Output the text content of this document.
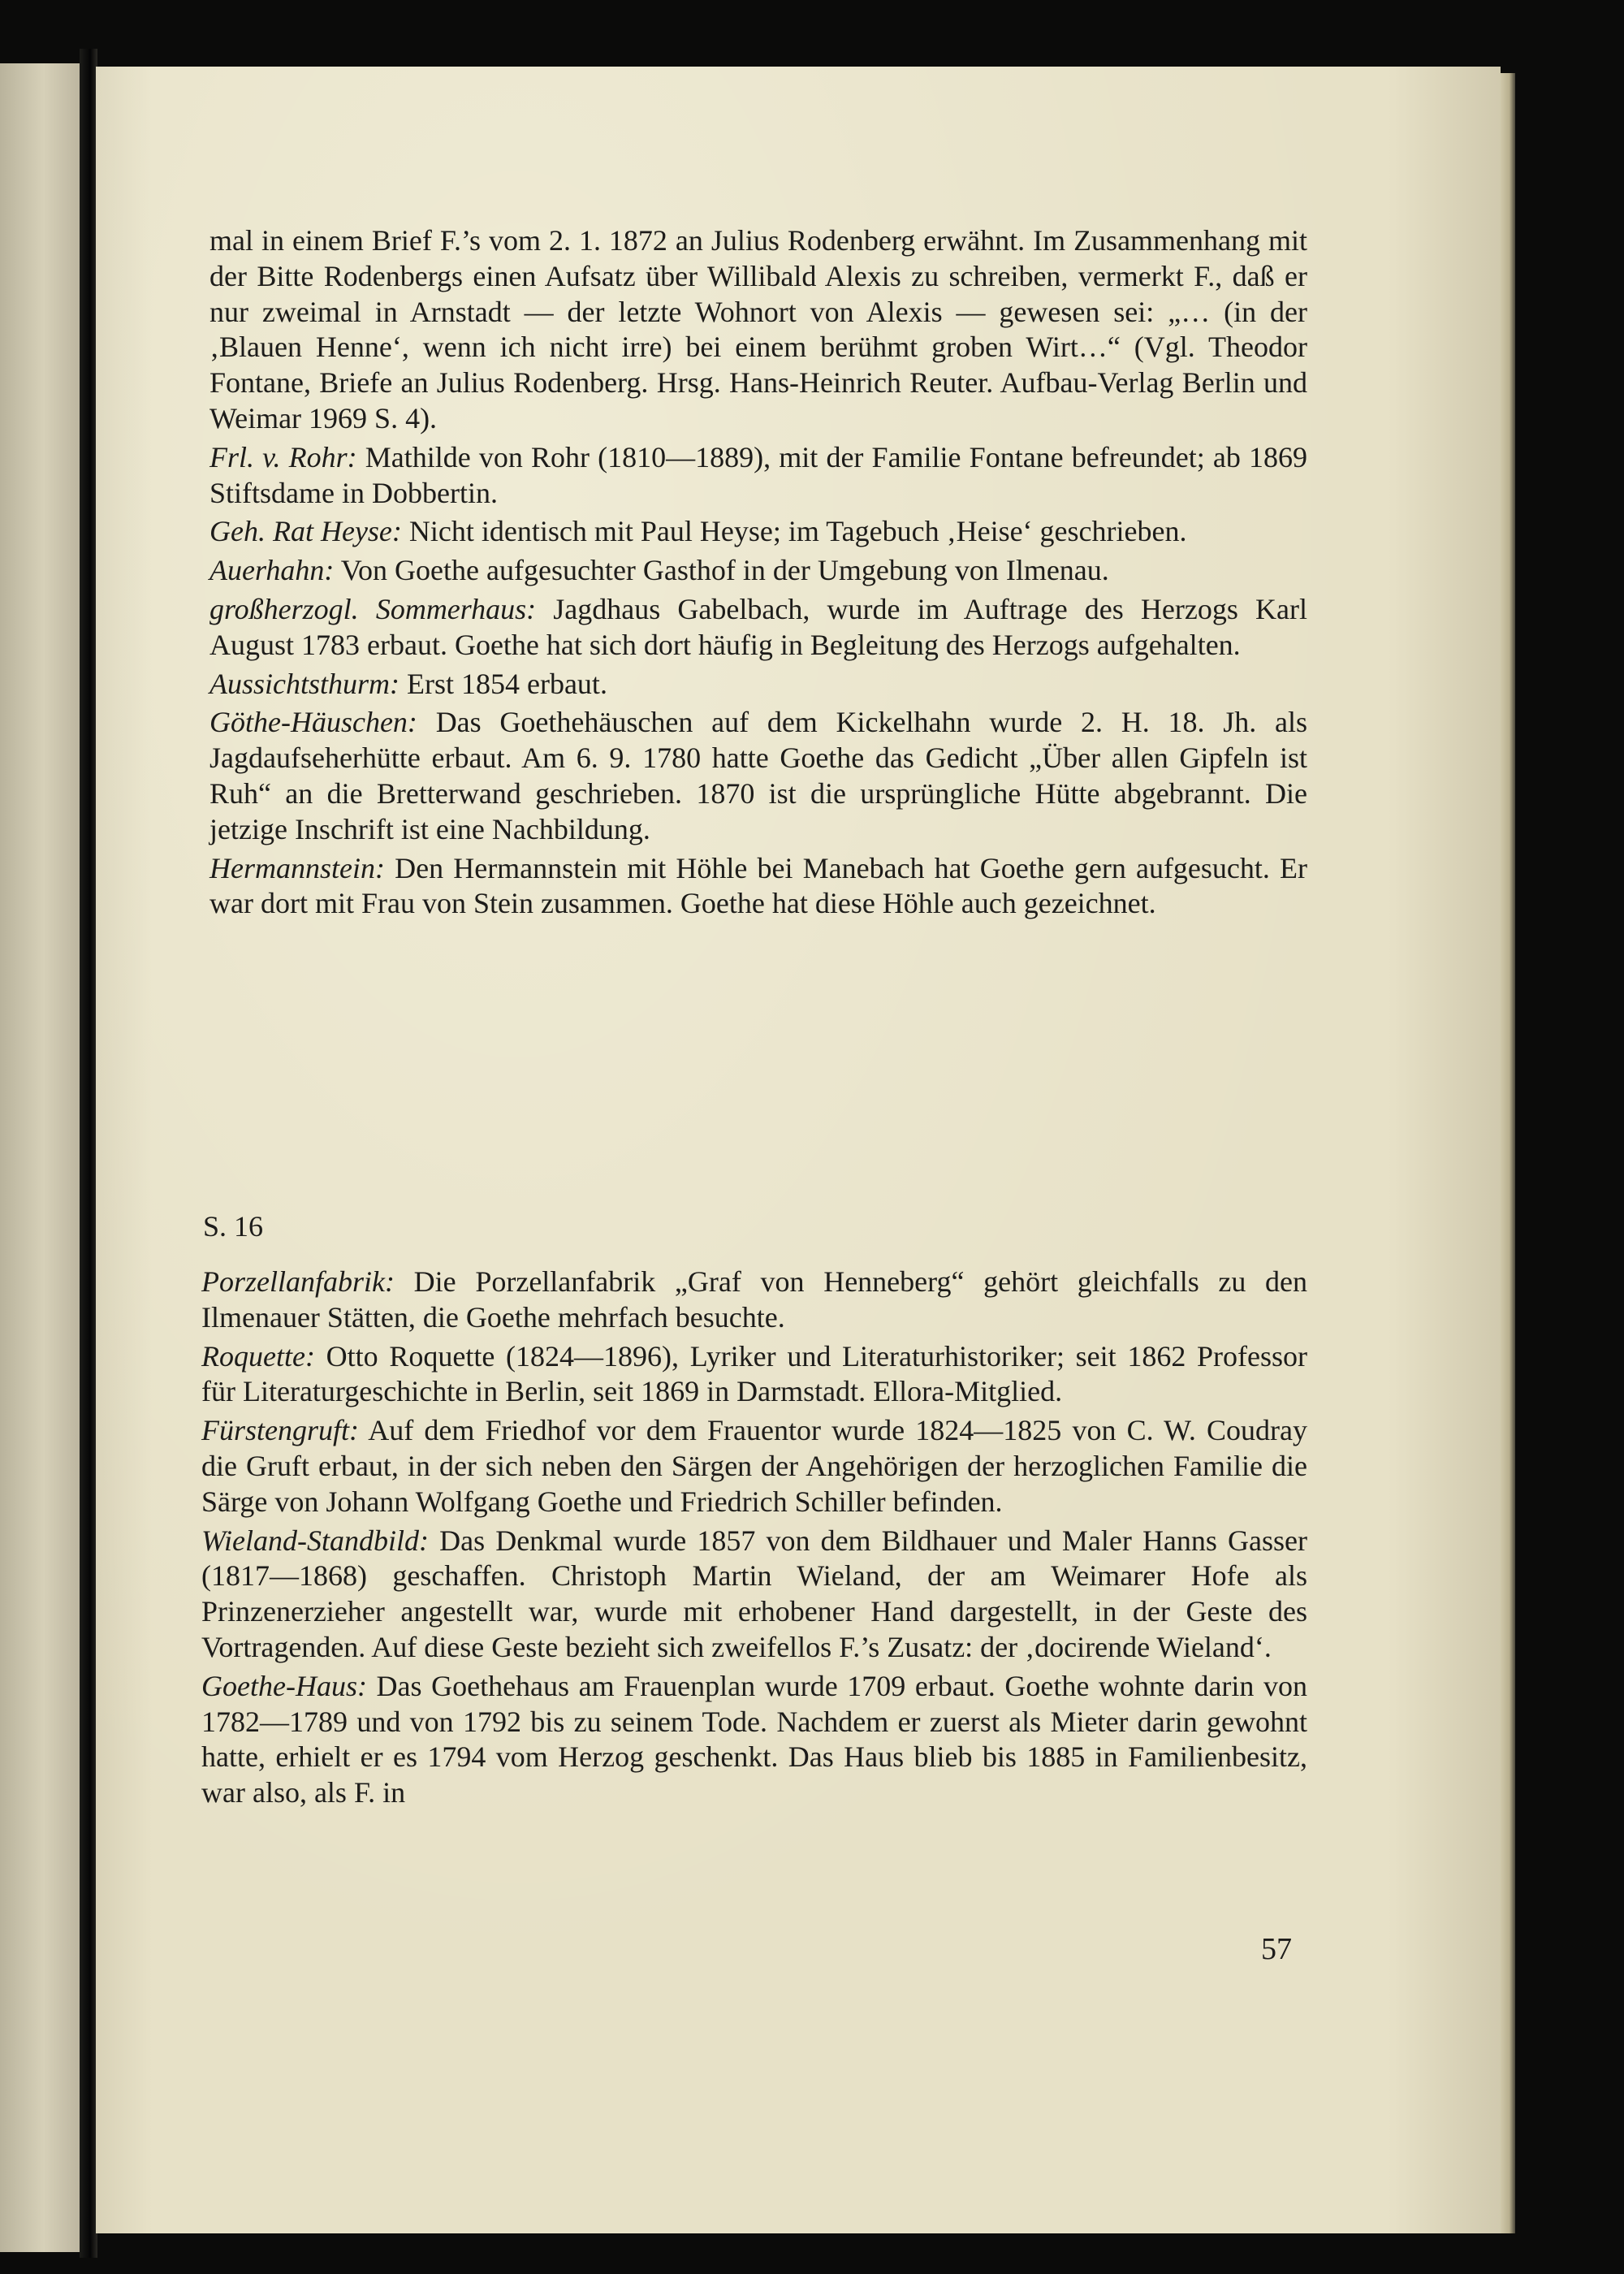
mal in einem Brief F.’s vom 2. 1. 1872 an Julius Rodenberg erwähnt. Im Zusammenhang mit der Bitte Rodenbergs einen Aufsatz über Willibald Alexis zu schreiben, vermerkt F., daß er nur zweimal in Arnstadt — der letzte Wohnort von Alexis — gewesen sei: „… (in der ‚Blauen Henne‘, wenn ich nicht irre) bei einem berühmt groben Wirt…“ (Vgl. Theodor Fontane, Briefe an Julius Rodenberg. Hrsg. Hans-Heinrich Reuter. Aufbau-Verlag Berlin und Weimar 1969 S. 4).

Frl. v. Rohr: Mathilde von Rohr (1810—1889), mit der Familie Fontane befreundet; ab 1869 Stiftsdame in Dobbertin.

Geh. Rat Heyse: Nicht identisch mit Paul Heyse; im Tagebuch ‚Heise‘ geschrieben.

Auerhahn: Von Goethe aufgesuchter Gasthof in der Umgebung von Ilmenau.

großherzogl. Sommerhaus: Jagdhaus Gabelbach, wurde im Auftrage des Herzogs Karl August 1783 erbaut. Goethe hat sich dort häufig in Begleitung des Herzogs aufgehalten.

Aussichtsthurm: Erst 1854 erbaut.

Göthe-Häuschen: Das Goethehäuschen auf dem Kickelhahn wurde 2. H. 18. Jh. als Jagdaufseherhütte erbaut. Am 6. 9. 1780 hatte Goethe das Gedicht „Über allen Gipfeln ist Ruh“ an die Bretterwand geschrieben. 1870 ist die ursprüngliche Hütte abgebrannt. Die jetzige Inschrift ist eine Nachbildung.

Hermannstein: Den Hermannstein mit Höhle bei Manebach hat Goethe gern aufgesucht. Er war dort mit Frau von Stein zusammen. Goethe hat diese Höhle auch gezeichnet.

S. 16

Porzellanfabrik: Die Porzellanfabrik „Graf von Henneberg“ gehört gleichfalls zu den Ilmenauer Stätten, die Goethe mehrfach besuchte.

Roquette: Otto Roquette (1824—1896), Lyriker und Literaturhistoriker; seit 1862 Professor für Literaturgeschichte in Berlin, seit 1869 in Darmstadt. Ellora-Mitglied.

Fürstengruft: Auf dem Friedhof vor dem Frauentor wurde 1824—1825 von C. W. Coudray die Gruft erbaut, in der sich neben den Särgen der Angehörigen der herzoglichen Familie die Särge von Johann Wolfgang Goethe und Friedrich Schiller befinden.

Wieland-Standbild: Das Denkmal wurde 1857 von dem Bildhauer und Maler Hanns Gasser (1817—1868) geschaffen. Christoph Martin Wieland, der am Weimarer Hofe als Prinzenerzieher angestellt war, wurde mit erhobener Hand dargestellt, in der Geste des Vortragenden. Auf diese Geste bezieht sich zweifellos F.’s Zusatz: der ‚docirende Wieland‘.

Goethe-Haus: Das Goethehaus am Frauenplan wurde 1709 erbaut. Goethe wohnte darin von 1782—1789 und von 1792 bis zu seinem Tode. Nachdem er zuerst als Mieter darin gewohnt hatte, erhielt er es 1794 vom Herzog geschenkt. Das Haus blieb bis 1885 in Familienbesitz, war also, als F. in

57
